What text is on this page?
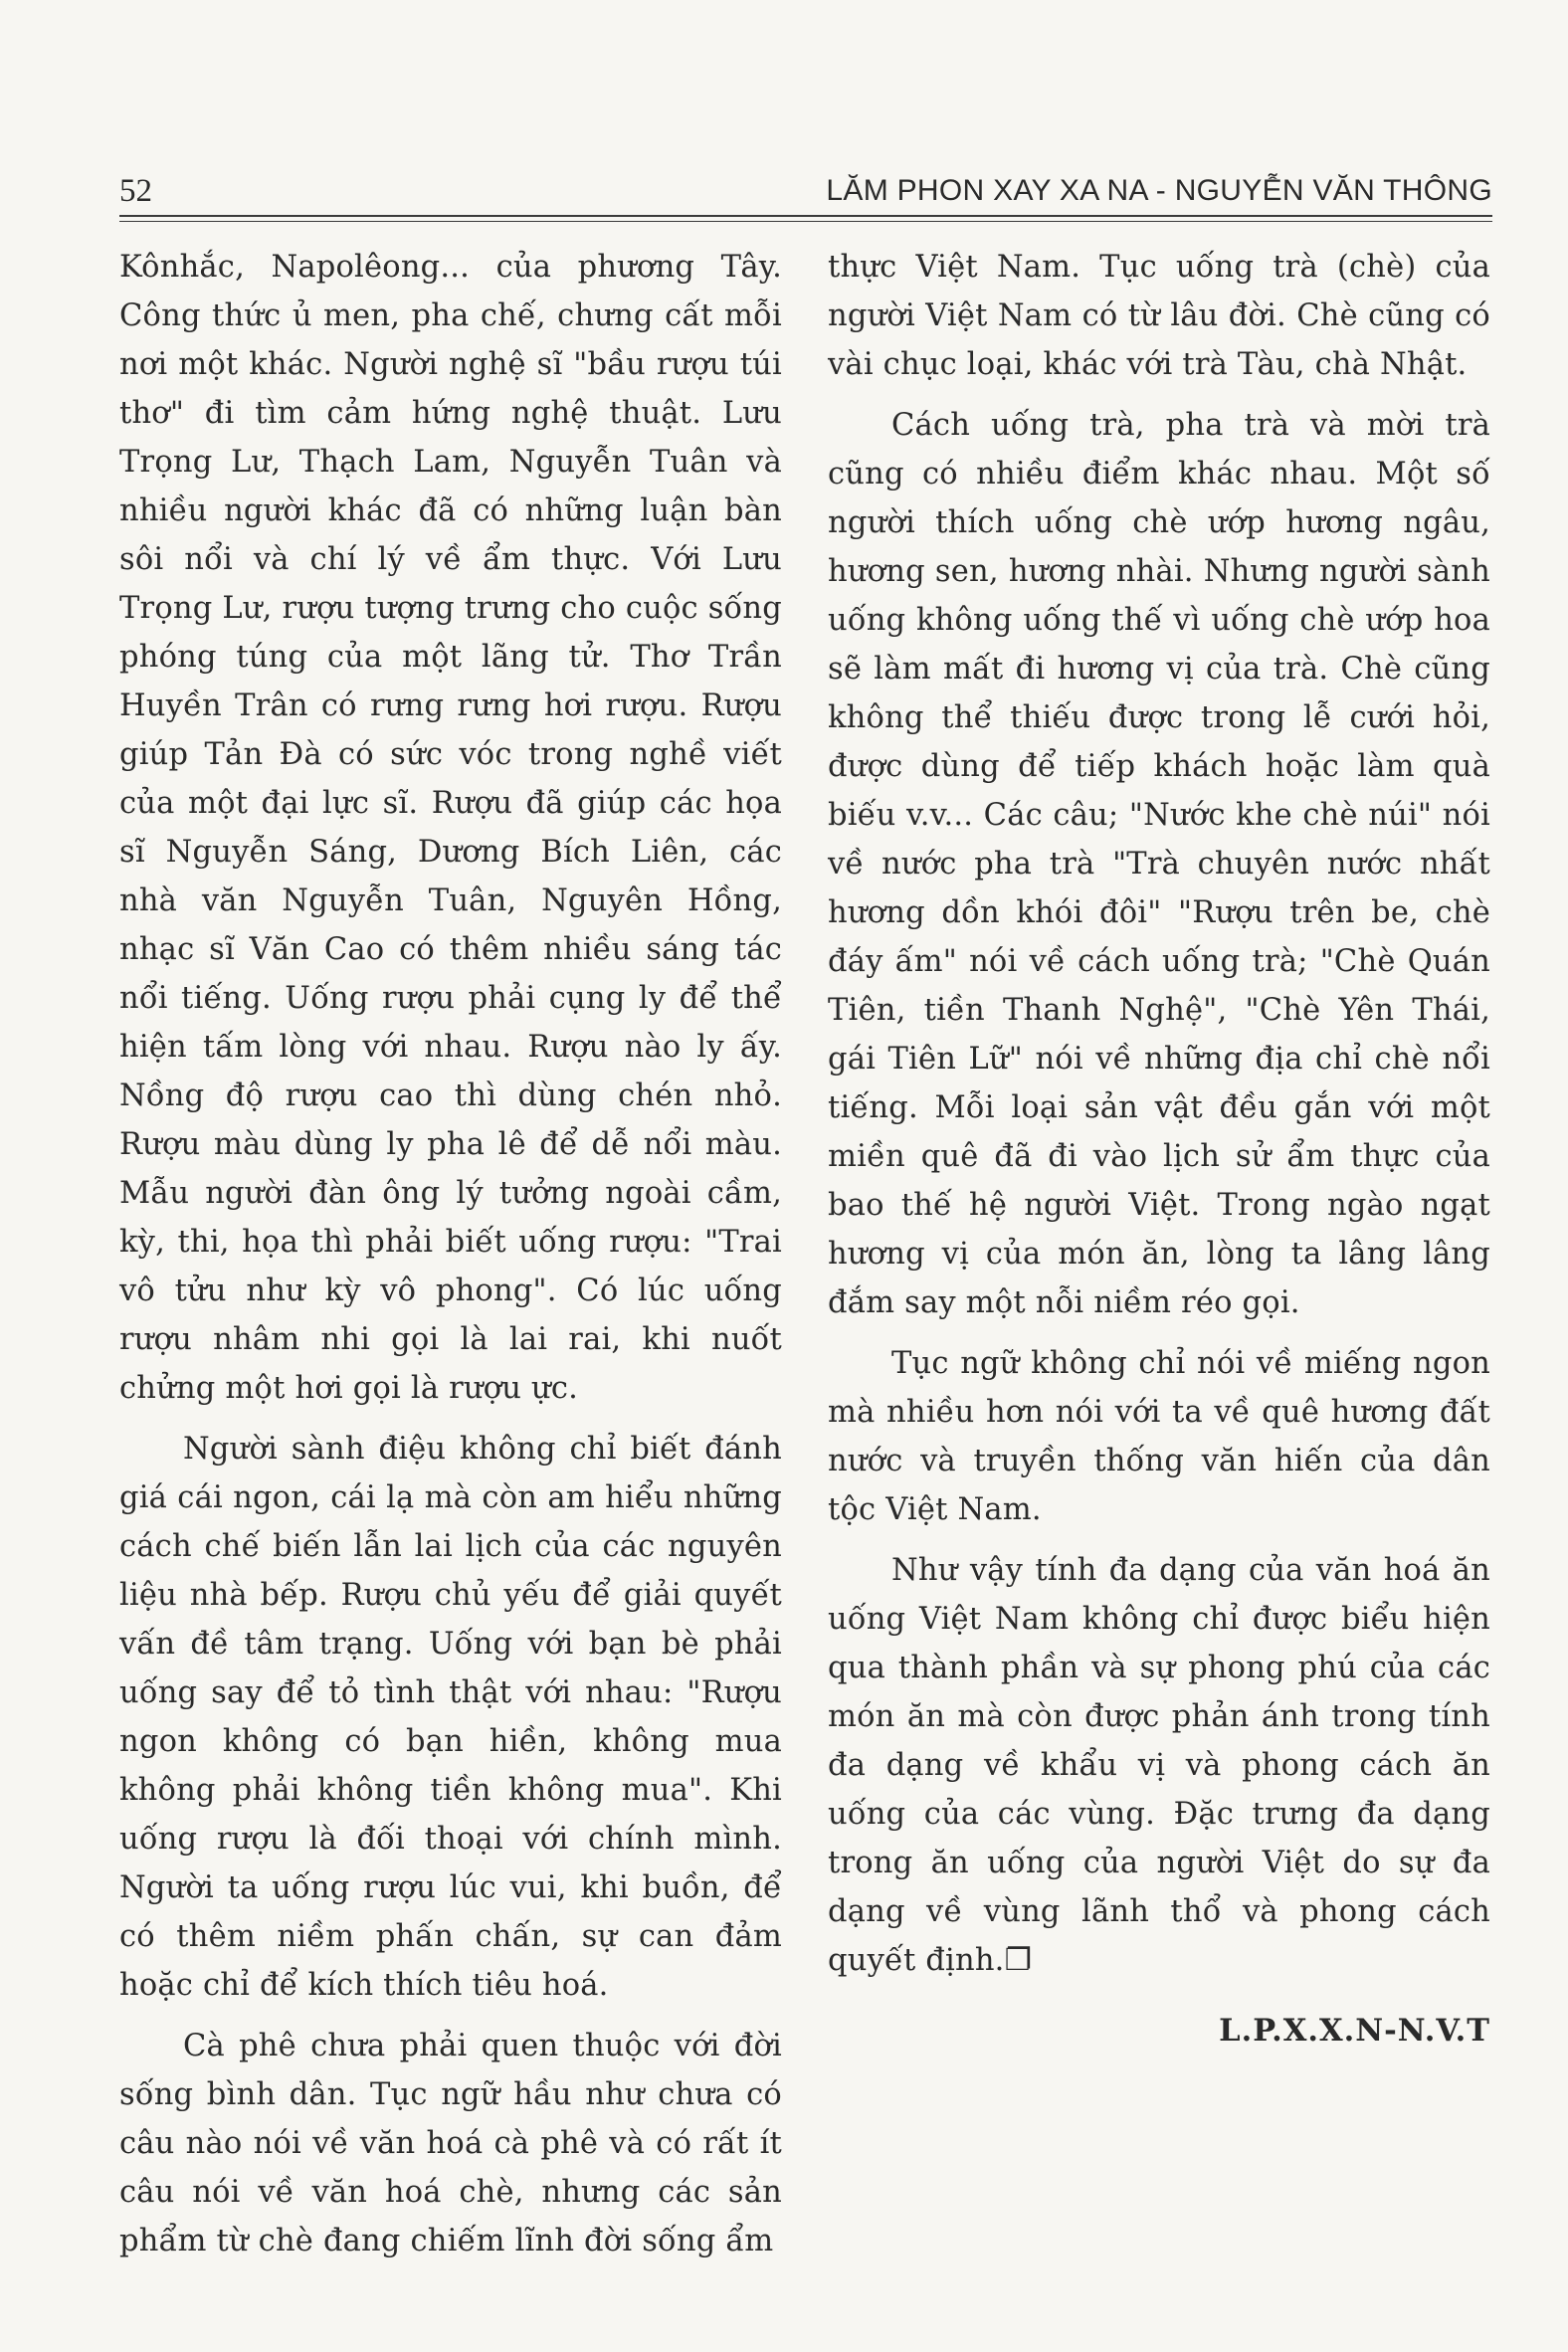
52	LĂM PHON XAY XA NA - NGUYỄN VĂN THÔNG

Kônhắc, Napolêong... của phương Tây. Công thức ủ men, pha chế, chưng cất mỗi nơi một khác. Người nghệ sĩ "bầu rượu túi thơ" đi tìm cảm hứng nghệ thuật. Lưu Trọng Lư, Thạch Lam, Nguyễn Tuân và nhiều người khác đã có những luận bàn sôi nổi và chí lý về ẩm thực. Với Lưu Trọng Lư, rượu tượng trưng cho cuộc sống phóng túng của một lãng tử. Thơ Trần Huyền Trân có rưng rưng hơi rượu. Rượu giúp Tản Đà có sức vóc trong nghề viết của một đại lực sĩ. Rượu đã giúp các họa sĩ Nguyễn Sáng, Dương Bích Liên, các nhà văn Nguyễn Tuân, Nguyên Hồng, nhạc sĩ Văn Cao có thêm nhiều sáng tác nổi tiếng. Uống rượu phải cụng ly để thể hiện tấm lòng với nhau. Rượu nào ly ấy. Nồng độ rượu cao thì dùng chén nhỏ. Rượu màu dùng ly pha lê để dễ nổi màu. Mẫu người đàn ông lý tưởng ngoài cầm, kỳ, thi, họa thì phải biết uống rượu: "Trai vô tửu như kỳ vô phong". Có lúc uống rượu nhâm nhi gọi là lai rai, khi nuốt chửng một hơi gọi là rượu ực.

Người sành điệu không chỉ biết đánh giá cái ngon, cái lạ mà còn am hiểu những cách chế biến lẫn lai lịch của các nguyên liệu nhà bếp. Rượu chủ yếu để giải quyết vấn đề tâm trạng. Uống với bạn bè phải uống say để tỏ tình thật với nhau: "Rượu ngon không có bạn hiền, không mua không phải không tiền không mua". Khi uống rượu là đối thoại với chính mình. Người ta uống rượu lúc vui, khi buồn, để có thêm niềm phấn chấn, sự can đảm hoặc chỉ để kích thích tiêu hoá.

Cà phê chưa phải quen thuộc với đời sống bình dân. Tục ngữ hầu như chưa có câu nào nói về văn hoá cà phê và có rất ít câu nói về văn hoá chè, nhưng các sản phẩm từ chè đang chiếm lĩnh đời sống ẩm

thực Việt Nam. Tục uống trà (chè) của người Việt Nam có từ lâu đời. Chè cũng có vài chục loại, khác với trà Tàu, chà Nhật.

Cách uống trà, pha trà và mời trà cũng có nhiều điểm khác nhau. Một số người thích uống chè ướp hương ngâu, hương sen, hương nhài. Nhưng người sành uống không uống thế vì uống chè ướp hoa sẽ làm mất đi hương vị của trà. Chè cũng không thể thiếu được trong lễ cưới hỏi, được dùng để tiếp khách hoặc làm quà biếu v.v... Các câu; "Nước khe chè núi" nói về nước pha trà "Trà chuyên nước nhất hương dồn khói đôi" "Rượu trên be, chè đáy ấm" nói về cách uống trà; "Chè Quán Tiên, tiền Thanh Nghệ", "Chè Yên Thái, gái Tiên Lữ" nói về những địa chỉ chè nổi tiếng. Mỗi loại sản vật đều gắn với một miền quê đã đi vào lịch sử ẩm thực của bao thế hệ người Việt. Trong ngào ngạt hương vị của món ăn, lòng ta lâng lâng đắm say một nỗi niềm réo gọi.

Tục ngữ không chỉ nói về miếng ngon mà nhiều hơn nói với ta về quê hương đất nước và truyền thống văn hiến của dân tộc Việt Nam.

Như vậy tính đa dạng của văn hoá ăn uống Việt Nam không chỉ được biểu hiện qua thành phần và sự phong phú của các món ăn mà còn được phản ánh trong tính đa dạng về khẩu vị và phong cách ăn uống của các vùng. Đặc trưng đa dạng trong ăn uống của người Việt do sự đa dạng về vùng lãnh thổ và phong cách quyết định.❐

L.P.X.X.N-N.V.T
